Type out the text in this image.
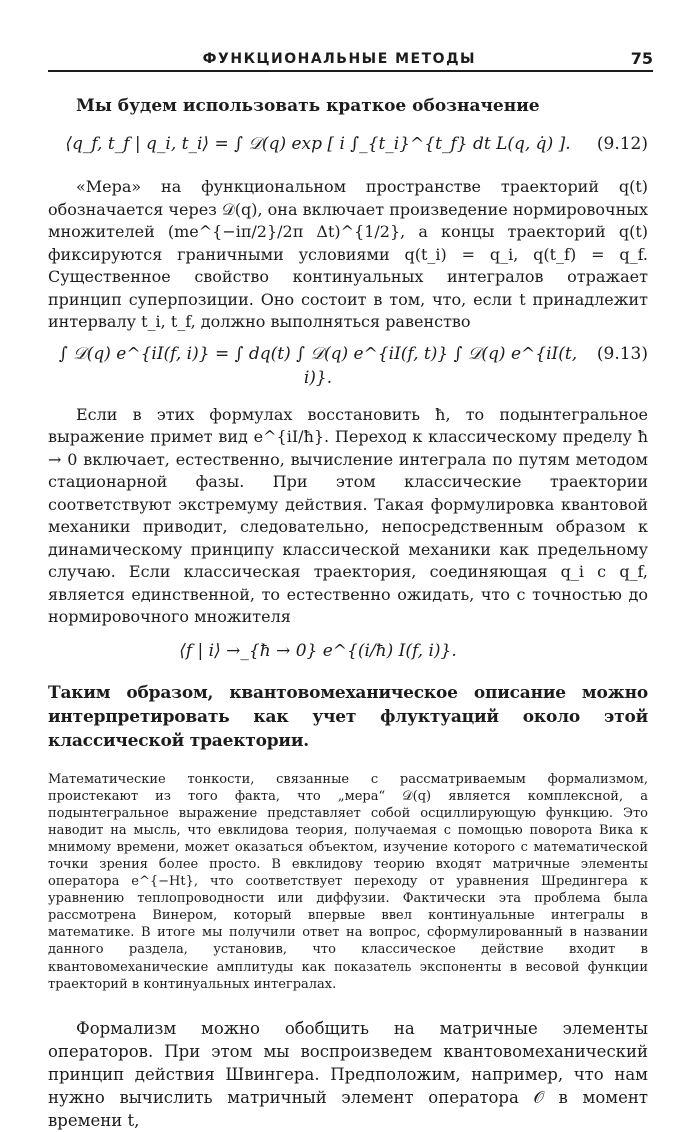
ФУНКЦИОНАЛЬНЫЕ МЕТОДЫ	75

Мы будем использовать краткое обозначение

⟨q_f, t_f | q_i, t_i⟩ = ∫ 𝒟(q) exp [ i ∫_{t_i}^{t_f} dt L(q, q̇) ].	(9.12)

«Мера» на функциональном пространстве траекторий q(t) обозначается через 𝒟(q), она включает произведение нормировочных множителей (me^{−iπ/2}/2π Δt)^{1/2}, а концы траекторий q(t) фиксируются граничными условиями q(t_i) = q_i, q(t_f) = q_f. Существенное свойство континуальных интегралов отражает принцип суперпозиции. Оно состоит в том, что, если t принадлежит интервалу t_i, t_f, должно выполняться равенство

∫ 𝒟(q) e^{iI(f, i)} = ∫ dq(t) ∫ 𝒟(q) e^{iI(f, t)} ∫ 𝒟(q) e^{iI(t, i)}.
(9.13)

Если в этих формулах восстановить ħ, то подынтегральное выражение примет вид e^{iI/ħ}. Переход к классическому пределу ħ → 0 включает, естественно, вычисление интеграла по путям методом стационарной фазы. При этом классические траектории соответствуют экстремуму действия. Такая формулировка квантовой механики приводит, следовательно, непосредственным образом к динамическому принципу классической механики как предельному случаю. Если классическая траектория, соединяющая q_i с q_f, является единственной, то естественно ожидать, что с точностью до нормировочного множителя

⟨f | i⟩ →_{ħ → 0} e^{(i/ħ) I(f, i)}.

Таким образом, квантовомеханическое описание можно интерпретировать как учет флуктуаций около этой классической траектории.

Математические тонкости, связанные с рассматриваемым формализмом, проистекают из того факта, что „мера“ 𝒟(q) является комплексной, а подынтегральное выражение представляет собой осциллирующую функцию. Это наводит на мысль, что евклидова теория, получаемая с помощью поворота Вика к мнимому времени, может оказаться объектом, изучение которого с математической точки зрения более просто. В евклидову теорию входят матричные элементы оператора e^{−Ht}, что соответствует переходу от уравнения Шредингера к уравнению теплопроводности или диффузии. Фактически эта проблема была рассмотрена Винером, который впервые ввел континуальные интегралы в математике. В итоге мы получили ответ на вопрос, сформулированный в названии данного раздела, установив, что классическое действие входит в квантовомеханические амплитуды как показатель экспоненты в весовой функции траекторий в континуальных интегралах.

Формализм можно обобщить на матричные элементы операторов. При этом мы воспроизведем квантовомеханический принцип действия Швингера. Предположим, например, что нам нужно вычислить матричный элемент оператора 𝒪 в момент времени t,
